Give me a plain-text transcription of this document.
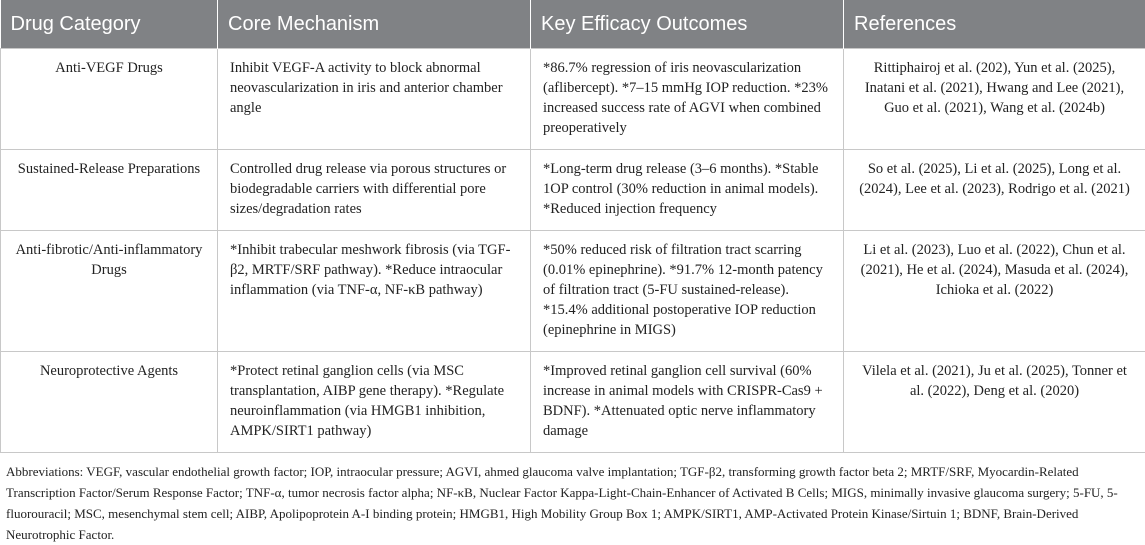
Drug Category	Core Mechanism	Key Efficacy Outcomes	References
Anti-VEGF Drugs	Inhibit VEGF-A activity to block abnormal neovascularization in iris and anterior chamber angle	*86.7% regression of iris neovascularization (aflibercept). *7–15 mmHg IOP reduction. *23% increased success rate of AGVI when combined preoperatively	Rittiphairoj et al. (202), Yun et al. (2025), Inatani et al. (2021), Hwang and Lee (2021), Guo et al. (2021), Wang et al. (2024b)
Sustained-Release Preparations	Controlled drug release via porous structures or biodegradable carriers with differential pore sizes/degradation rates	*Long-term drug release (3–6 months). *Stable 1OP control (30% reduction in animal models). *Reduced injection frequency	So et al. (2025), Li et al. (2025), Long et al. (2024), Lee et al. (2023), Rodrigo et al. (2021)
Anti-fibrotic/Anti-inflammatory Drugs	*Inhibit trabecular meshwork fibrosis (via TGF-β2, MRTF/SRF pathway). *Reduce intraocular inflammation (via TNF-α, NF-κB pathway)	*50% reduced risk of filtration tract scarring (0.01% epinephrine). *91.7% 12-month patency of filtration tract (5-FU sustained-release). *15.4% additional postoperative IOP reduction (epinephrine in MIGS)	Li et al. (2023), Luo et al. (2022), Chun et al. (2021), He et al. (2024), Masuda et al. (2024), Ichioka et al. (2022)
Neuroprotective Agents	*Protect retinal ganglion cells (via MSC transplantation, AIBP gene therapy). *Regulate neuroinflammation (via HMGB1 inhibition, AMPK/SIRT1 pathway)	*Improved retinal ganglion cell survival (60% increase in animal models with CRISPR-Cas9 + BDNF). *Attenuated optic nerve inflammatory damage	Vilela et al. (2021), Ju et al. (2025), Tonner et al. (2022), Deng et al. (2020)
Abbreviations: VEGF, vascular endothelial growth factor; IOP, intraocular pressure; AGVI, ahmed glaucoma valve implantation; TGF-β2, transforming growth factor beta 2; MRTF/SRF, Myocardin-Related Transcription Factor/Serum Response Factor; TNF-α, tumor necrosis factor alpha; NF-κB, Nuclear Factor Kappa-Light-Chain-Enhancer of Activated B Cells; MIGS, minimally invasive glaucoma surgery; 5-FU, 5-fluorouracil; MSC, mesenchymal stem cell; AIBP, Apolipoprotein A-I binding protein; HMGB1, High Mobility Group Box 1; AMPK/SIRT1, AMP-Activated Protein Kinase/Sirtuin 1; BDNF, Brain-Derived Neurotrophic Factor.
